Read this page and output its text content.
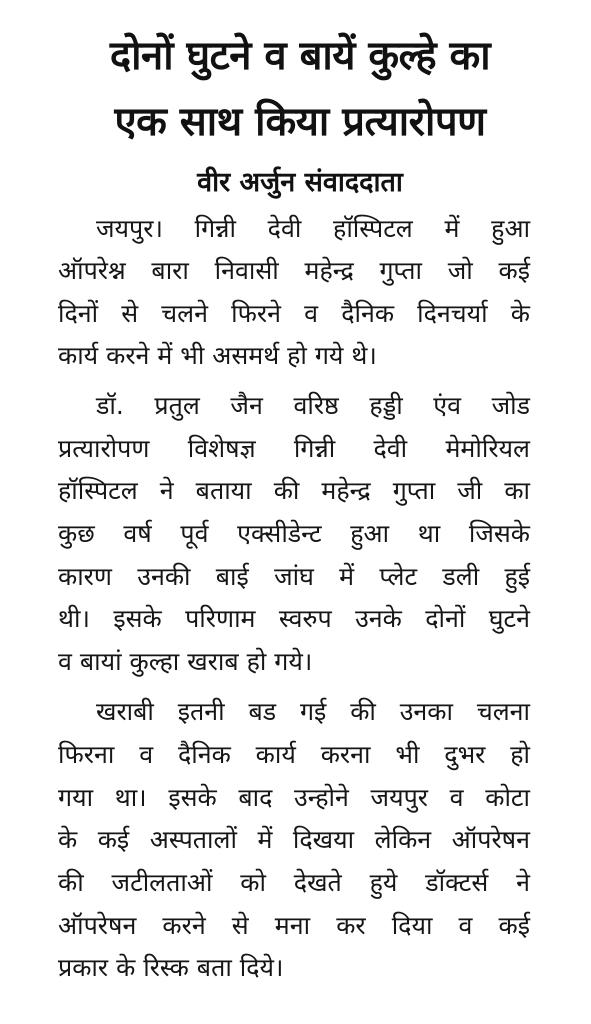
दोनों घुटने व बायें कुल्हे का
एक साथ किया प्रत्यारोपण
वीर अर्जुन संवाददाता
जयपुर। गिन्नी देवी हॉस्पिटल में हुआ
ऑपरेश्न बारा निवासी महेन्द्र गुप्ता जो कई
दिनों से चलने फिरने व दैनिक दिनचर्या के
कार्य करने में भी असमर्थ हो गये थे।
डॉ. प्रतुल जैन वरिष्ठ हड्डी एंव जोड
प्रत्यारोपण विशेषज्ञ गिन्नी देवी मेमोरियल
हॉस्पिटल ने बताया की महेन्द्र गुप्ता जी का
कुछ वर्ष पूर्व एक्सीडेन्ट हुआ था जिसके
कारण उनकी बाई जांघ में प्लेट डली हुई
थी। इसके परिणाम स्वरुप उनके दोनों घुटने
व बायां कुल्हा खराब हो गये।
खराबी इतनी बड गई की उनका चलना
फिरना व दैनिक कार्य करना भी दुभर हो
गया था। इसके बाद उन्होने जयपुर व कोटा
के कई अस्पतालों में दिखया लेकिन ऑपरेषन
की जटीलताओं को देखते हुये डॉक्टर्स ने
ऑपरेषन करने से मना कर दिया व कई
प्रकार के रिस्क बता दिये।
